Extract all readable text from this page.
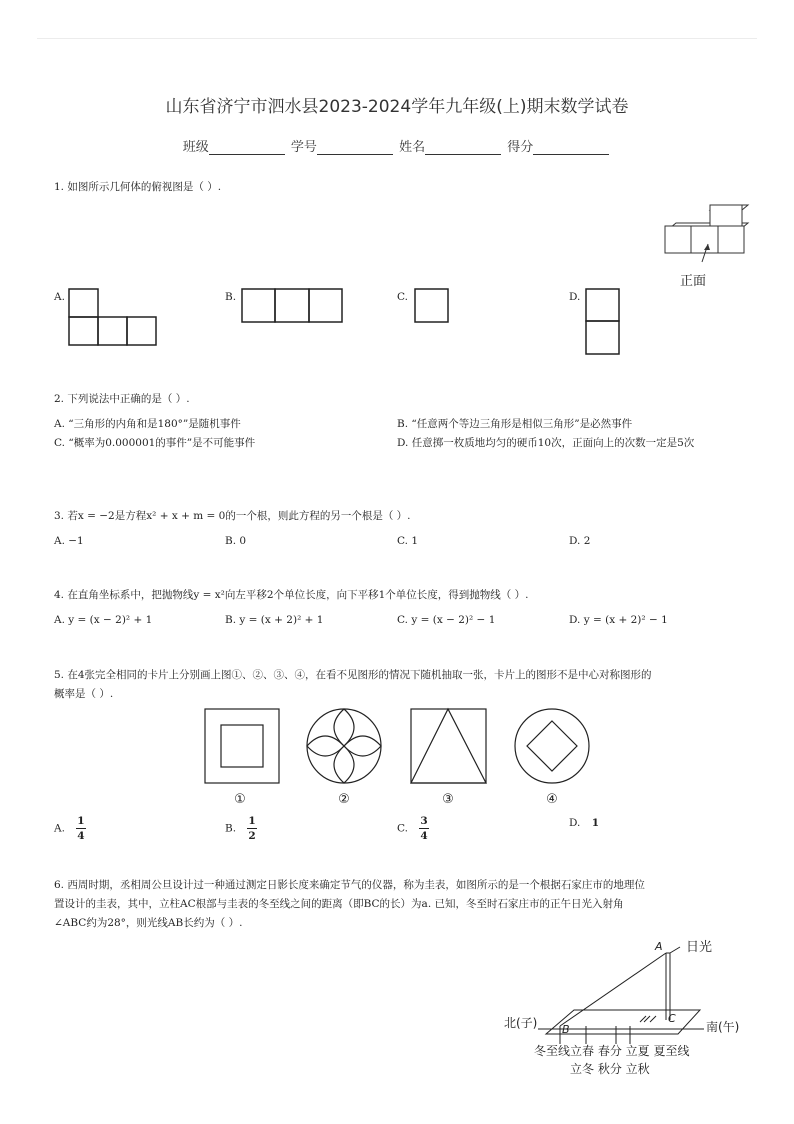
山东省济宁市泗水县2023-2024学年九年级(上)期末数学试卷
班级	学号	姓名	得分
1. 如图所示几何体的俯视图是（ ）.
正面
A.	B.	C.	D.
2. 下列说法中正确的是（ ）.
A. “三角形的内角和是180°”是随机事件	B. “任意两个等边三角形是相似三角形”是必然事件
C. “概率为0.000001的事件”是不可能事件	D. 任意掷一枚质地均匀的硬币10次，正面向上的次数一定是5次
3. 若x = −2是方程x² + x + m = 0的一个根，则此方程的另一个根是（ ）.
A. −1	B. 0	C. 1	D. 2
4. 在直角坐标系中，把抛物线y = x²向左平移2个单位长度，向下平移1个单位长度，得到抛物线（ ）.
A. y = (x − 2)² + 1	B. y = (x + 2)² + 1	C. y = (x − 2)² − 1	D. y = (x + 2)² − 1
5. 在4张完全相同的卡片上分别画上图①、②、③、④，在看不见图形的情况下随机抽取一张，卡片上的图形不是中心对称图形的
概率是（ ）.
①	②	③	④
A. $\frac{1}{4}$	B. $\frac{1}{2}$	C. $\frac{3}{4}$	D. 1
6. 西周时期，丞相周公旦设计过一种通过测定日影长度来确定节气的仪器，称为圭表，如图所示的是一个根据石家庄市的地理位
置设计的圭表，其中，立柱AC根部与圭表的冬至线之间的距离（即BC的长）为a. 已知，冬至时石家庄市的正午日光入射角
∠ABC约为28°，则光线AB长约为（ ）.
A
B
C
日光
北(子)	南(午)
冬至线立春 春分 立夏 夏至线
立冬 秋分 立秋
